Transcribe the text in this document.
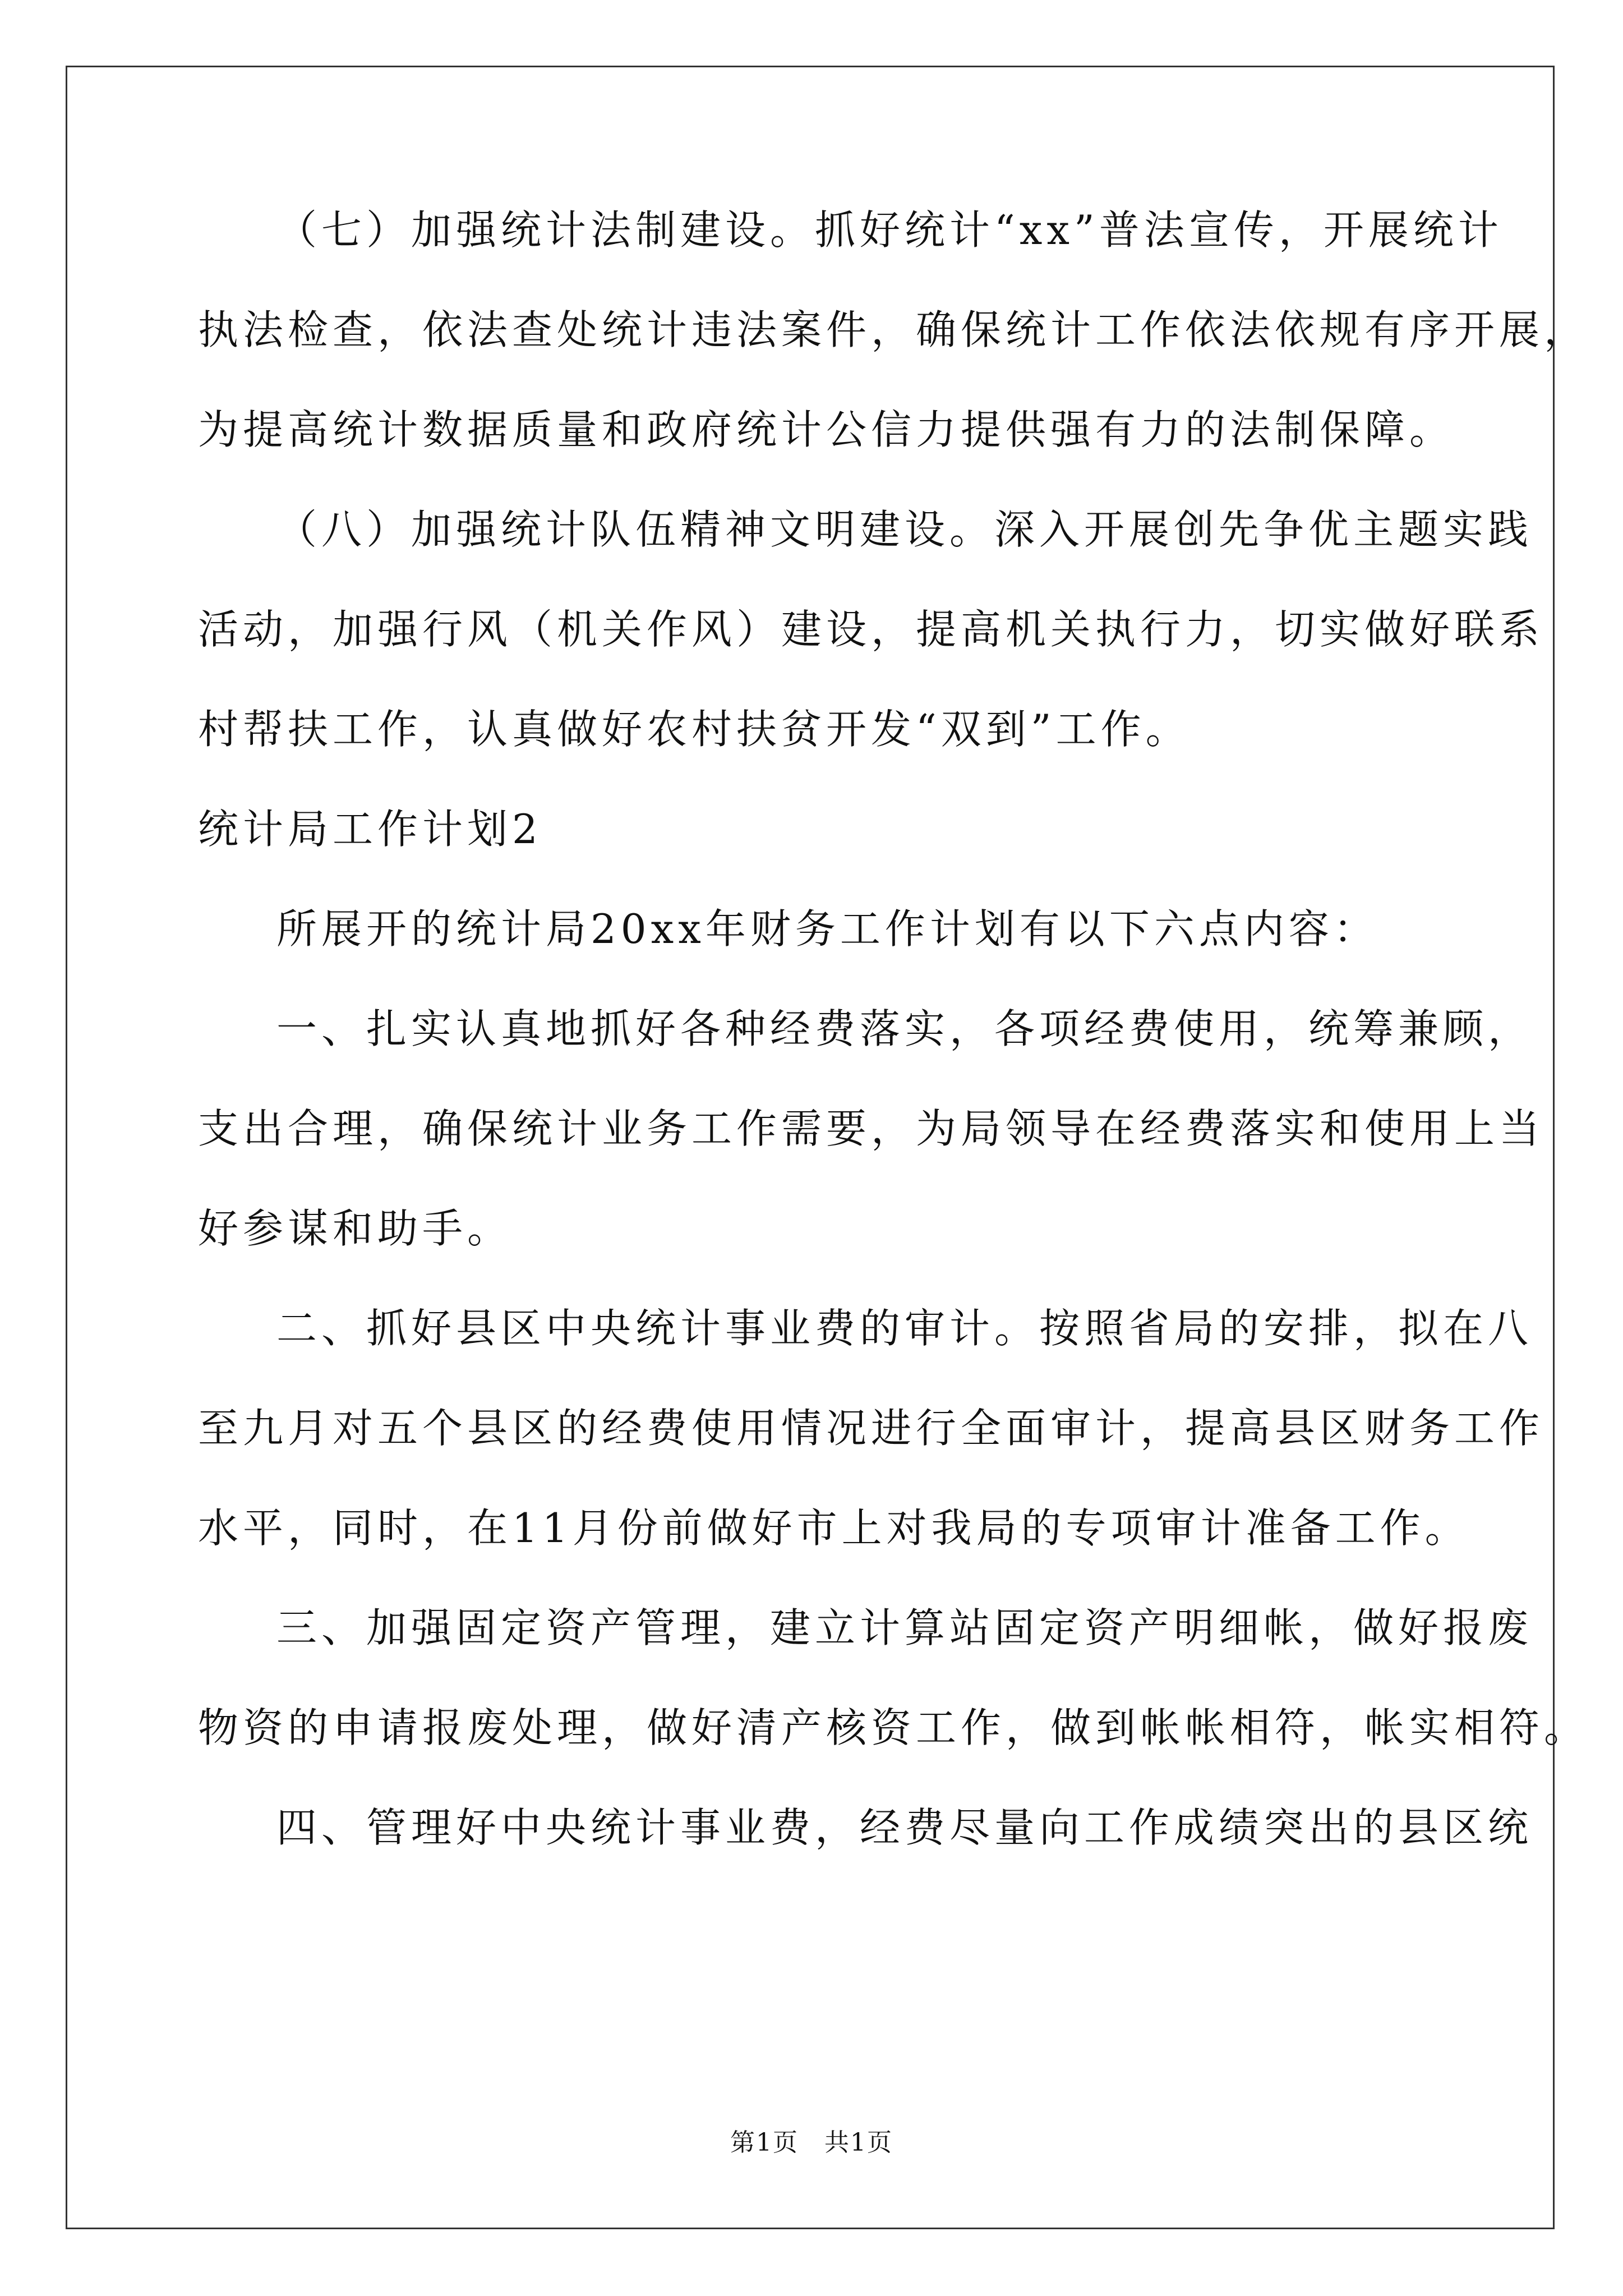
（七）加强统计法制建设。抓好统计“xx”普法宣传，开展统计
执法检查，依法查处统计违法案件，确保统计工作依法依规有序开展，
为提高统计数据质量和政府统计公信力提供强有力的法制保障。
（八）加强统计队伍精神文明建设。深入开展创先争优主题实践
活动，加强行风（机关作风）建设，提高机关执行力，切实做好联系
村帮扶工作，认真做好农村扶贫开发“双到”工作。
统计局工作计划2
所展开的统计局20xx年财务工作计划有以下六点内容：
一、扎实认真地抓好各种经费落实，各项经费使用，统筹兼顾，
支出合理，确保统计业务工作需要，为局领导在经费落实和使用上当
好参谋和助手。
二、抓好县区中央统计事业费的审计。按照省局的安排，拟在八
至九月对五个县区的经费使用情况进行全面审计，提高县区财务工作
水平，同时，在11月份前做好市上对我局的专项审计准备工作。
三、加强固定资产管理，建立计算站固定资产明细帐，做好报废
物资的申请报废处理，做好清产核资工作，做到帐帐相符，帐实相符。
四、管理好中央统计事业费，经费尽量向工作成绩突出的县区统
第1页　共1页
